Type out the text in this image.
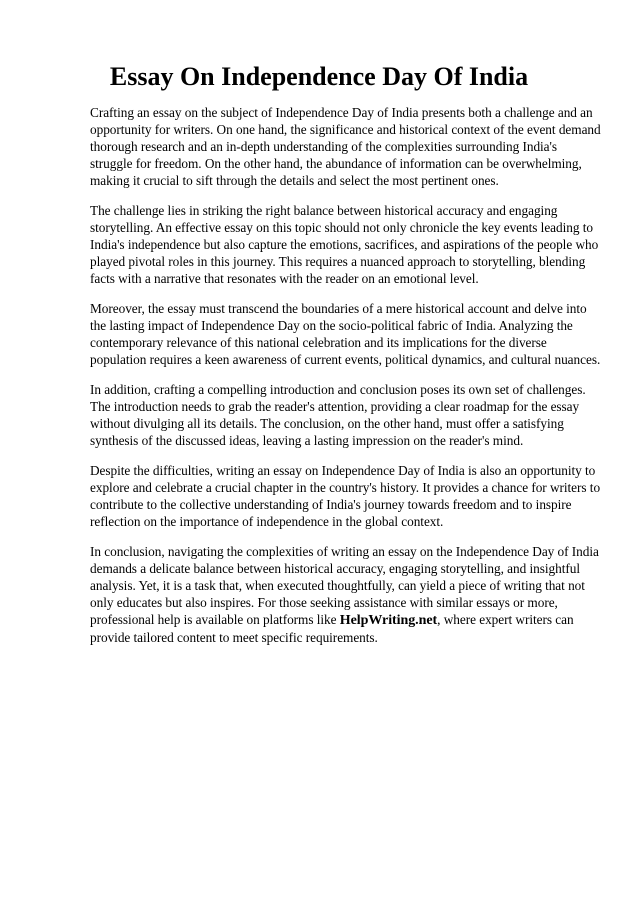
Essay On Independence Day Of India

Crafting an essay on the subject of Independence Day of India presents both a challenge and an opportunity for writers. On one hand, the significance and historical context of the event demand thorough research and an in-depth understanding of the complexities surrounding India's struggle for freedom. On the other hand, the abundance of information can be overwhelming, making it crucial to sift through the details and select the most pertinent ones.

The challenge lies in striking the right balance between historical accuracy and engaging storytelling. An effective essay on this topic should not only chronicle the key events leading to India's independence but also capture the emotions, sacrifices, and aspirations of the people who played pivotal roles in this journey. This requires a nuanced approach to storytelling, blending facts with a narrative that resonates with the reader on an emotional level.

Moreover, the essay must transcend the boundaries of a mere historical account and delve into the lasting impact of Independence Day on the socio-political fabric of India. Analyzing the contemporary relevance of this national celebration and its implications for the diverse population requires a keen awareness of current events, political dynamics, and cultural nuances.

In addition, crafting a compelling introduction and conclusion poses its own set of challenges. The introduction needs to grab the reader's attention, providing a clear roadmap for the essay without divulging all its details. The conclusion, on the other hand, must offer a satisfying synthesis of the discussed ideas, leaving a lasting impression on the reader's mind.

Despite the difficulties, writing an essay on Independence Day of India is also an opportunity to explore and celebrate a crucial chapter in the country's history. It provides a chance for writers to contribute to the collective understanding of India's journey towards freedom and to inspire reflection on the importance of independence in the global context.

In conclusion, navigating the complexities of writing an essay on the Independence Day of India demands a delicate balance between historical accuracy, engaging storytelling, and insightful analysis. Yet, it is a task that, when executed thoughtfully, can yield a piece of writing that not only educates but also inspires. For those seeking assistance with similar essays or more, professional help is available on platforms like HelpWriting.net, where expert writers can provide tailored content to meet specific requirements.
